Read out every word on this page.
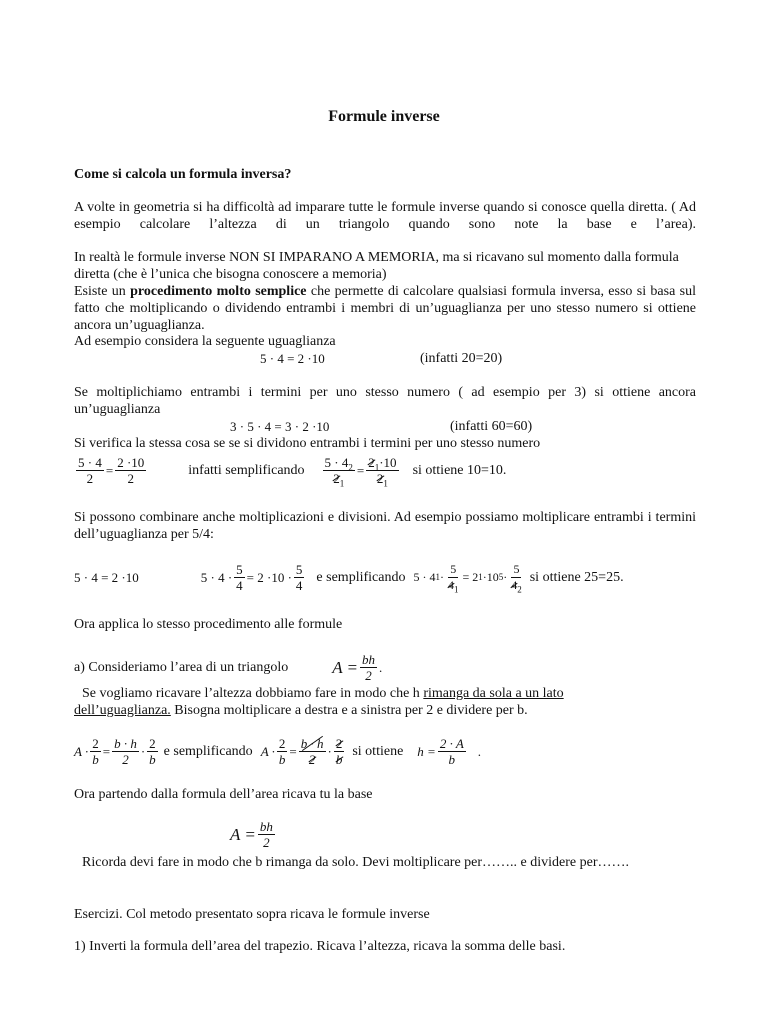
Formule inverse
Come si calcola un formula inversa?
A volte in geometria si ha difficoltà ad imparare tutte le formule inverse quando si conosce quella diretta. ( Ad esempio calcolare l’altezza di un triangolo quando sono note la base e l’area).
In realtà le formule inverse NON SI IMPARANO A MEMORIA, ma si ricavano sul momento dalla formula diretta (che è l’unica che bisogna conoscere a memoria)
Esiste un procedimento molto semplice che permette di calcolare qualsiasi formula inversa, esso si basa sul fatto che moltiplicando o dividendo entrambi i membri di un’uguaglianza per uno stesso numero si ottiene ancora un’uguaglianza.
Ad esempio considera la seguente uguaglianza
5 · 4 = 2 ·10	(infatti 20=20)
Se moltiplichiamo entrambi i termini per uno stesso numero ( ad esempio per 3) si ottiene ancora un’uguaglianza
3 · 5 · 4 = 3 · 2 ·10	(infatti 60=60)
Si verifica la stessa cosa se se si dividono entrambi i termini per uno stesso numero
$\frac{5 \cdot 4}{2} = \frac{2 \cdot 10}{2}$	infatti semplificando $\frac{5 \cdot 4_2}{2_1} = \frac{2_1\cdot 10}{2_1}$ si ottiene 10=10.
Si possono combinare anche moltiplicazioni e divisioni. Ad esempio possiamo moltiplicare entrambi i termini dell’uguaglianza per 5/4:
5 · 4 = 2 ·10	$5 \cdot 4 \cdot \frac{5}{4} = 2 \cdot 10 \cdot \frac{5}{4}$ e semplificando 5 · 4 $1 \cdot \frac{5}{4_1} = 2$ 1 ·10 $5 \cdot \frac{5}{4_2}$ si ottiene 25=25.
Ora applica lo stesso procedimento alle formule
a) Consideriamo l’area di un triangolo	$A = \frac{bh}{2}$ .
Se vogliamo ricavare l’altezza dobbiamo fare in modo che h rimanga da sola a un lato
dell’uguaglianza. Bisogna moltiplicare a destra e a sinistra per 2 e dividere per b.
$A \cdot \frac{2}{b} = \frac{b \cdot h}{2} \cdot \frac{2}{b}$ e semplificando $A \cdot \frac{2}{b} = \frac{b \cdot h}{2} \cdot \frac{2}{b}$ si ottiene $h = \frac{2 \cdot A}{b}$ .
Ora partendo dalla formula dell’area ricava tu la base
$A = \frac{bh}{2}$
Ricorda devi fare in modo che b rimanga da solo. Devi moltiplicare per…….. e dividere per…….
Esercizi. Col metodo presentato sopra ricava le formule inverse
1) Inverti la formula dell’area del trapezio. Ricava l’altezza, ricava la somma delle basi.
